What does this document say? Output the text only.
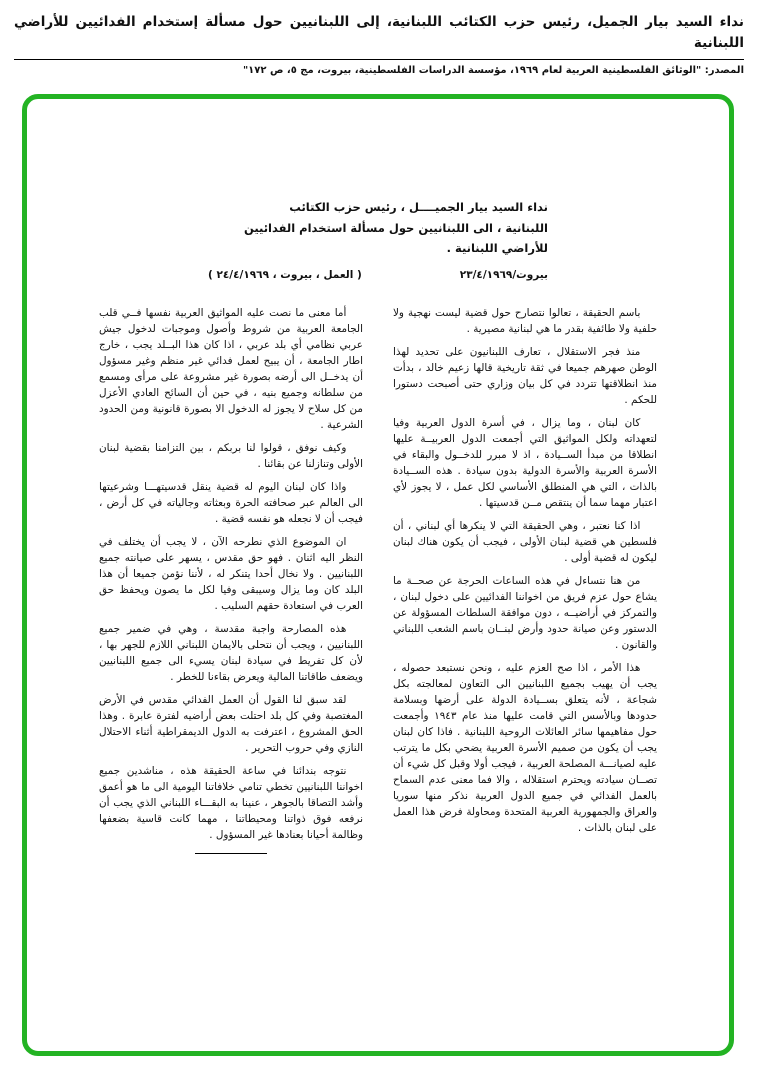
نداء السيد بيار الجميل، رئيس حزب الكتائب اللبنانية، إلى اللبنانيين حول مسألة إستخدام الفدائيين للأراضي اللبنانية
المصدر: "الوثائق الفلسطينية العربية لعام ١٩٦٩، مؤسسة الدراسات الفلسطينية، بيروت، مج ٥، ص ١٧٢"
نداء السيد بيار الجميــــل ، رئيس حزب الكتائب
اللبنانية ، الى اللبنانيين حول مسألة استخدام الفدائيين
للأراضي اللبنانية .
بيروت/٢٣/٤/١٩٦٩
( العمل ، بيروت ، ٢٤/٤/١٩٦٩ )

باسم الحقيقة ، تعالوا نتصارح حول قضية ليست نهجية ولا حلفية ولا طائفية بقدر ما هي لبنانية مصيرية .

منذ فجر الاستقلال ، تعارف اللبنانيون على تحديد لهذا الوطن صهرهم جميعا في ثقة تاريخية قالها زعيم خالد ، بدأت منذ انطلاقتها تتردد في كل بيان وزاري حتى أصبحت دستورا للحكم .

كان لبنان ، وما يزال ، في أسرة الدول العربية وفيا لتعهداته ولكل المواثيق التي أجمعت الدول العربيــة عليها انطلاقا من مبدأ الســيادة ، اذ لا مبرر للدخــول والبقاء في الأسرة العربية والأسرة الدولية بدون سيادة . هذه الســيادة بالذات ، التي هي المنطلق الأساسي لكل عمل ، لا يجوز لأي اعتبار مهما سما أن ينتقص مــن قدسيتها .

اذا كنا نعتبر ، وهي الحقيقة التي لا ينكرها أي لبناني ، أن فلسطين هي قضية لبنان الأولى ، فيجب أن يكون هناك لبنان ليكون له قضية أولى .

من هنا نتساءل في هذه الساعات الحرجة عن صحــة ما يشاع حول عزم فريق من اخواننا الفدائيين على دخول لبنان ، والتمركز في أراضيــه ، دون موافقة السلطات المسؤولة عن الدستور وعن صيانة حدود وأرض لبنــان باسم الشعب اللبناني والقانون .

هذا الأمر ، اذا صح العزم عليه ، ونحن نستبعد حصوله ، يجب أن يهيب بجميع اللبنانيين الى التعاون لمعالجته بكل شجاعة ، لأنه يتعلق بســيادة الدولة على أرضها وبسلامة حدودها وبالأسس التي قامت عليها منذ عام ١٩٤٣ وأجمعت حول مفاهيمها سائر العائلات الروحية اللبنانية . فاذا كان لبنان يجب أن يكون من صميم الأسرة العربية يضحي بكل ما يترتب عليه لصيانـــة المصلحة العربية ، فيجب أولا وقبل كل شيء أن تصــان سيادته ويحترم استقلاله ، والا فما معنى عدم السماح بالعمل الفدائي في جميع الدول العربية نذكر منها سوريا والعراق والجمهورية العربية المتحدة ومحاولة فرض هذا العمل على لبنان بالذات .

أما معنى ما نصت عليه المواثيق العربية نفسها فــي قلب الجامعة العربية من شروط وأصول وموجبات لدخول جيش عربي نظامي أي بلد عربي ، اذا كان هذا البــلد يجب ، خارج اطار الجامعة ، أن يبيح لعمل فدائي غير منظم وغير مسؤول أن يدخــل الى أرضه بصورة غير مشروعة على مرأى ومسمع من سلطانه وجميع بنيه ، في حين أن السائح العادي الأعزل من كل سلاح لا يجوز له الدخول الا بصورة قانونية ومن الحدود الشرعية .

وكيف نوفق ، قولوا لنا بربكم ، بين التزامنا بقضية لبنان الأولى وتنازلنا عن بقائنا .

واذا كان لبنان اليوم له قضية ينقل قدسيتهـــا وشرعيتها الى العالم عبر صحافته الحرة وبعثاته وجالياته في كل أرض ، فيجب أن لا نجعله هو نفسه قضية .

ان الموضوع الذي نطرحه الآن ، لا يجب أن يختلف في النظر اليه اثنان . فهو حق مقدس ، يسهر على صيانته جميع اللبنانيين . ولا نخال أحدا يتنكر له ، لأننا نؤمن جميعا أن هذا البلد كان وما يزال وسيبقى وفيا لكل ما يصون ويحفظ حق العرب في استعادة حقهم السليب .

هذه المصارحة واجبة مقدسة ، وهي في ضمير جميع اللبنانيين ، ويجب أن نتحلى بالايمان اللبناني اللازم للجهر بها ، لأن كل تفريط في سيادة لبنان يسيء الى جميع اللبنانيين ويضعف طاقاتنا المالية ويعرض بقاءنا للخطر .

لقد سبق لنا القول أن العمل الفدائي مقدس في الأرض المغتصبة وفي كل بلد احتلت بعض أراضيه لفترة عابرة . وهذا الحق المشروع ، اعترفت به الدول الديمقراطية أثناء الاحتلال النازي وفي حروب التحرير .

نتوجه بندائنا في ساعة الحقيقة هذه ، مناشدين جميع اخواننا اللبنانيين تخطي تنامي خلافاتنا اليومية الى ما هو أعمق وأشد التصاقا بالجوهر ، عنينا به البقـــاء اللبناني الذي يجب أن نرفعه فوق ذواتنا ومحيطاتنا ، مهما كانت قاسية بضعفها وظالمة أحيانا بعنادها غير المسؤول .
